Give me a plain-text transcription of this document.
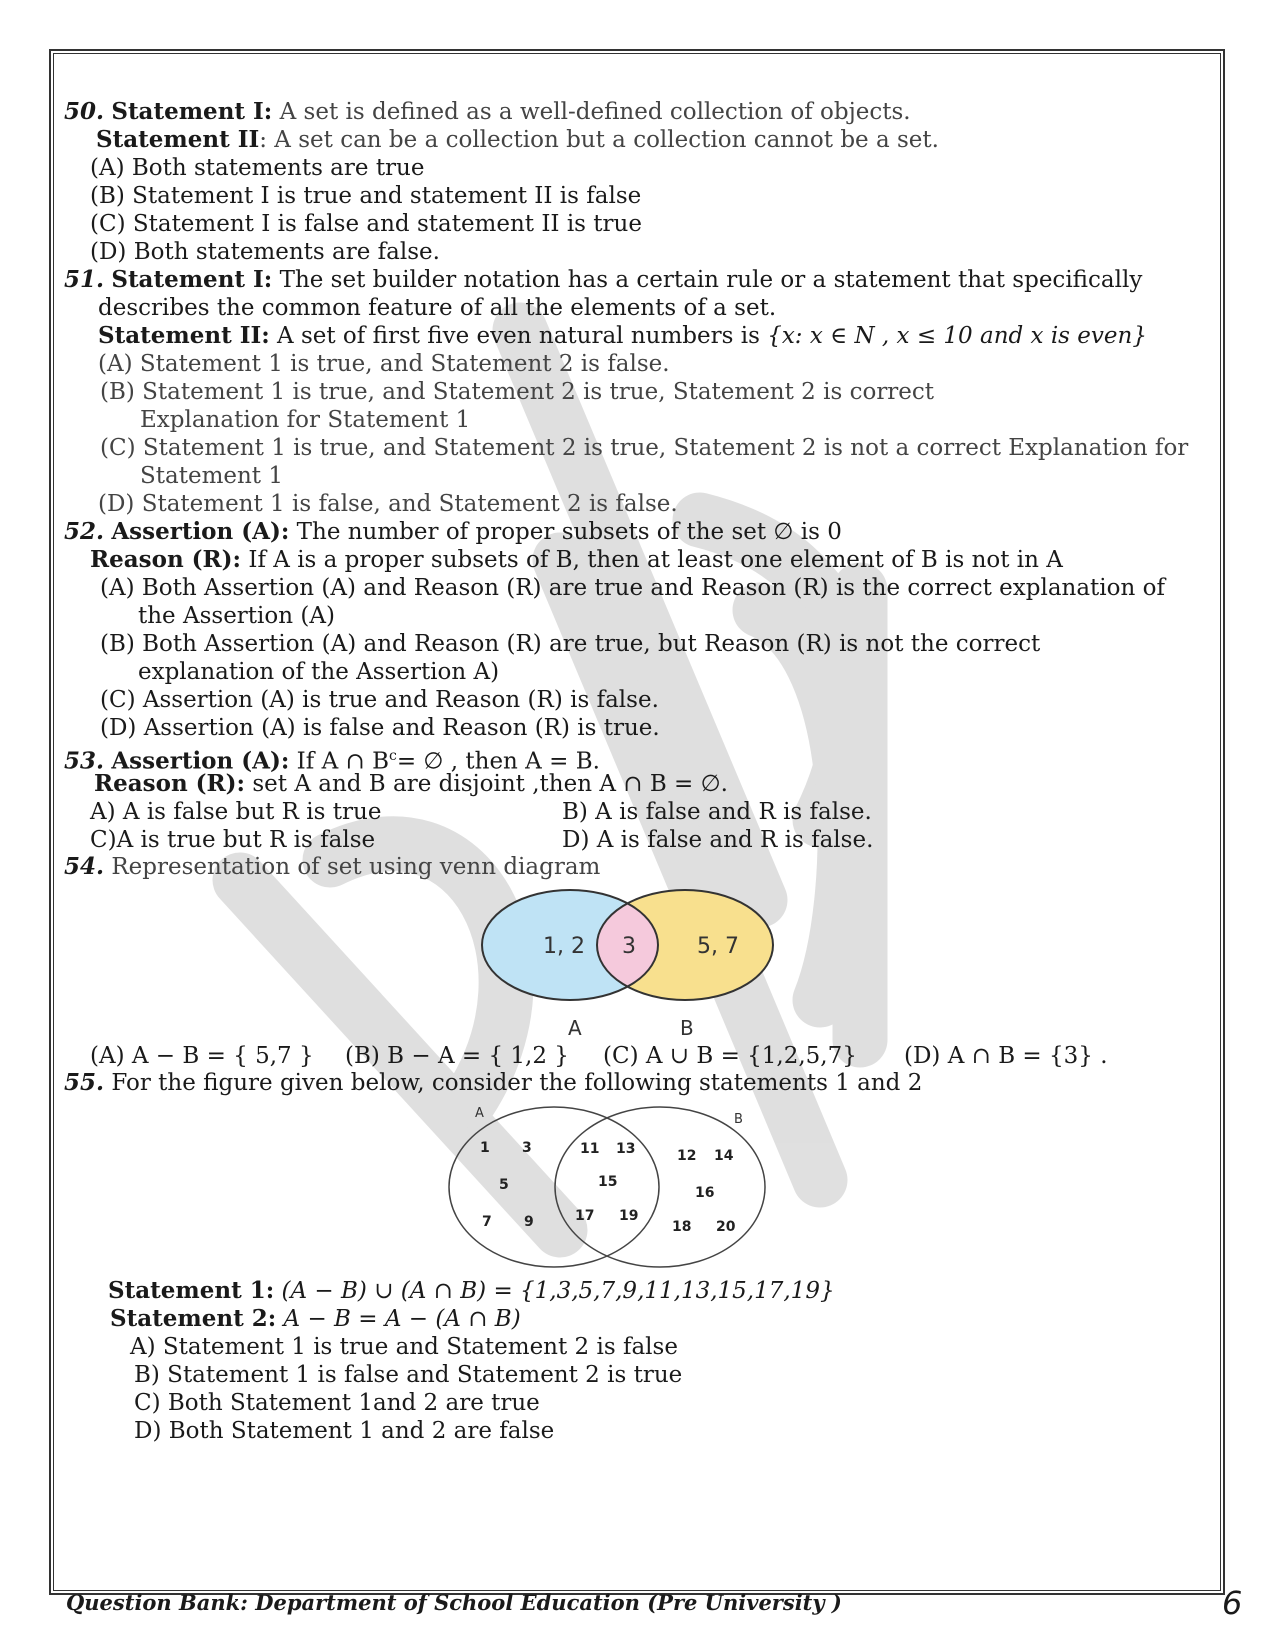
50. Statement I: A set is defined as a well-defined collection of objects.
Statement II: A set can be a collection but a collection cannot be a set.
(A) Both statements are true
(B) Statement I is true and statement II is false
(C) Statement I is false and statement II is true
(D) Both statements are false.
51. Statement I: The set builder notation has a certain rule or a statement that specifically
describes the common feature of all the elements of a set.
Statement II: A set of first five even natural numbers is {x: x ∈ N , x ≤ 10 and x is even}
(A) Statement 1 is true, and Statement 2 is false.
(B) Statement 1 is true, and Statement 2 is true, Statement 2 is correct
Explanation for Statement 1
(C) Statement 1 is true, and Statement 2 is true, Statement 2 is not a correct Explanation for
Statement 1
(D) Statement 1 is false, and Statement 2 is false.
52. Assertion (A): The number of proper subsets of the set ∅ is 0
Reason (R): If A is a proper subsets of B, then at least one element of B is not in A
(A) Both Assertion (A) and Reason (R) are true and Reason (R) is the correct explanation of
the Assertion (A)
(B) Both Assertion (A) and Reason (R) are true, but Reason (R) is not the correct
explanation of the Assertion A)
(C) Assertion (A) is true and Reason (R) is false.
(D) Assertion (A) is false and Reason (R) is true.
53. Assertion (A): If A ∩ $B^c=$ ∅ , then A = B.
Reason (R): set A and B are disjoint ,then A ∩ B = ∅.
A) A is false but R is true	B) A is false and R is false.
C)A is true but R is false	D) A is false and R is false.
54. Representation of set using venn diagram
1, 2 3	5, 7
A	B
(A) A − B = { 5,7 } (B) B − A = { 1,2 } (C) A ∪ B = {1,2,5,7} (D) A ∩ B = {3} .
55. For the figure given below, consider the following statements 1 and 2
A	B
1 3
5
7 9
11 13
15
17 19
12 14
16
18 20
Statement 1: (A − B) ∪ (A ∩ B) = {1,3,5,7,9,11,13,15,17,19}
Statement 2: A − B = A − (A ∩ B)
A) Statement 1 is true and Statement 2 is false
B) Statement 1 is false and Statement 2 is true
C) Both Statement 1and 2 are true
D) Both Statement 1 and 2 are false
Question Bank: Department of School Education (Pre University )	6
